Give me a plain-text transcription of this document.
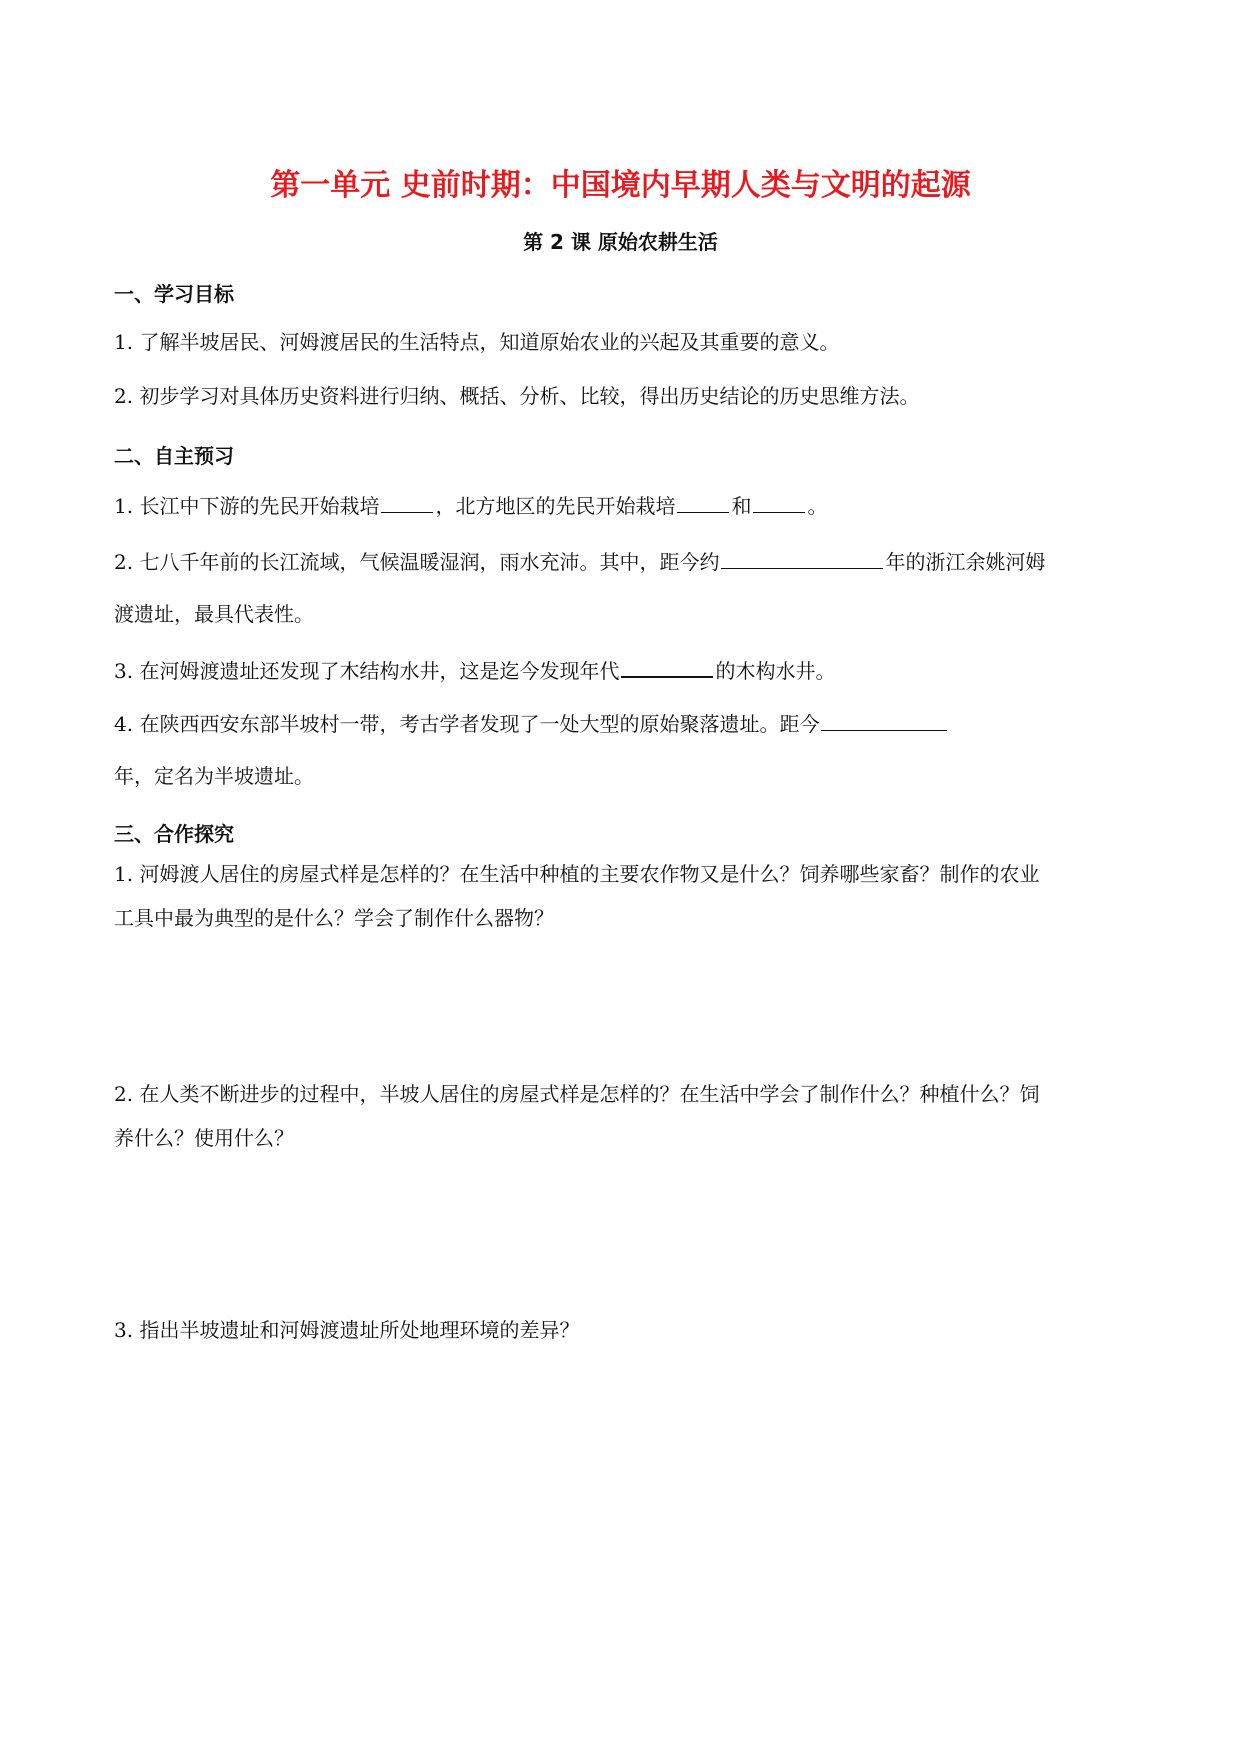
第一单元 史前时期：中国境内早期人类与文明的起源
第 2 课 原始农耕生活
一、学习目标
1. 了解半坡居民、河姆渡居民的生活特点，知道原始农业的兴起及其重要的意义。
2. 初步学习对具体历史资料进行归纳、概括、分析、比较，得出历史结论的历史思维方法。
二、自主预习
1. 长江中下游的先民开始栽培	，北方地区的先民开始栽培	和	。
2. 七八千年前的长江流域，气候温暖湿润，雨水充沛。其中，距今约	年的浙江余姚河姆
渡遗址，最具代表性。
3. 在河姆渡遗址还发现了木结构水井，这是迄今发现年代	的木构水井。
4. 在陕西西安东部半坡村一带，考古学者发现了一处大型的原始聚落遗址。距今
年，定名为半坡遗址。
三、合作探究
1. 河姆渡人居住的房屋式样是怎样的？在生活中种植的主要农作物又是什么？饲养哪些家畜？制作的农业
工具中最为典型的是什么？学会了制作什么器物？
2. 在人类不断进步的过程中，半坡人居住的房屋式样是怎样的？在生活中学会了制作什么？种植什么？饲
养什么？使用什么？
3. 指出半坡遗址和河姆渡遗址所处地理环境的差异？
